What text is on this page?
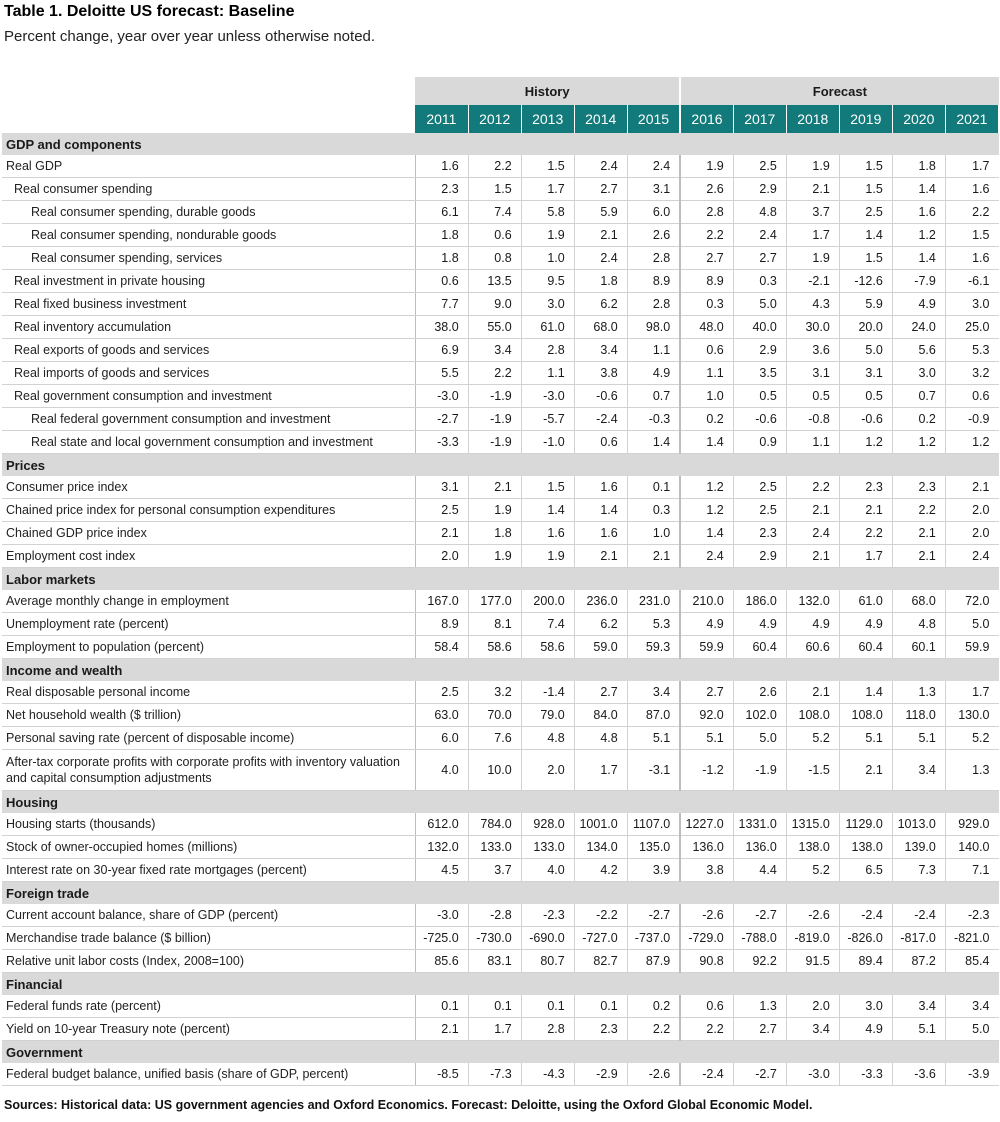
Table 1. Deloitte US forecast: Baseline
Percent change, year over year unless otherwise noted.
	History					Forecast					
	2011	2012	2013	2014	2015	2016	2017	2018	2019	2020	2021
GDP and components											
Real GDP	1.6	2.2	1.5	2.4	2.4	1.9	2.5	1.9	1.5	1.8	1.7
Real consumer spending	2.3	1.5	1.7	2.7	3.1	2.6	2.9	2.1	1.5	1.4	1.6
Real consumer spending, durable goods	6.1	7.4	5.8	5.9	6.0	2.8	4.8	3.7	2.5	1.6	2.2
Real consumer spending, nondurable goods	1.8	0.6	1.9	2.1	2.6	2.2	2.4	1.7	1.4	1.2	1.5
Real consumer spending, services	1.8	0.8	1.0	2.4	2.8	2.7	2.7	1.9	1.5	1.4	1.6
Real investment in private housing	0.6	13.5	9.5	1.8	8.9	8.9	0.3	-2.1	-12.6	-7.9	-6.1
Real fixed business investment	7.7	9.0	3.0	6.2	2.8	0.3	5.0	4.3	5.9	4.9	3.0
Real inventory accumulation	38.0	55.0	61.0	68.0	98.0	48.0	40.0	30.0	20.0	24.0	25.0
Real exports of goods and services	6.9	3.4	2.8	3.4	1.1	0.6	2.9	3.6	5.0	5.6	5.3
Real imports of goods and services	5.5	2.2	1.1	3.8	4.9	1.1	3.5	3.1	3.1	3.0	3.2
Real government consumption and investment	-3.0	-1.9	-3.0	-0.6	0.7	1.0	0.5	0.5	0.5	0.7	0.6
Real federal government consumption and investment	-2.7	-1.9	-5.7	-2.4	-0.3	0.2	-0.6	-0.8	-0.6	0.2	-0.9
Real state and local government consumption and investment	-3.3	-1.9	-1.0	0.6	1.4	1.4	0.9	1.1	1.2	1.2	1.2
Prices											
Consumer price index	3.1	2.1	1.5	1.6	0.1	1.2	2.5	2.2	2.3	2.3	2.1
Chained price index for personal consumption expenditures	2.5	1.9	1.4	1.4	0.3	1.2	2.5	2.1	2.1	2.2	2.0
Chained GDP price index	2.1	1.8	1.6	1.6	1.0	1.4	2.3	2.4	2.2	2.1	2.0
Employment cost index	2.0	1.9	1.9	2.1	2.1	2.4	2.9	2.1	1.7	2.1	2.4
Labor markets											
Average monthly change in employment	167.0	177.0	200.0	236.0	231.0	210.0	186.0	132.0	61.0	68.0	72.0
Unemployment rate (percent)	8.9	8.1	7.4	6.2	5.3	4.9	4.9	4.9	4.9	4.8	5.0
Employment to population (percent)	58.4	58.6	58.6	59.0	59.3	59.9	60.4	60.6	60.4	60.1	59.9
Income and wealth											
Real disposable personal income	2.5	3.2	-1.4	2.7	3.4	2.7	2.6	2.1	1.4	1.3	1.7
Net household wealth ($ trillion)	63.0	70.0	79.0	84.0	87.0	92.0	102.0	108.0	108.0	118.0	130.0
Personal saving rate (percent of disposable income)	6.0	7.6	4.8	4.8	5.1	5.1	5.0	5.2	5.1	5.1	5.2
After-tax corporate profits with corporate profits with inventory valuation and capital consumption adjustments	4.0	10.0	2.0	1.7	-3.1	-1.2	-1.9	-1.5	2.1	3.4	1.3
Housing											
Housing starts (thousands)	612.0	784.0	928.0	1001.0	1107.0	1227.0	1331.0	1315.0	1129.0	1013.0	929.0
Stock of owner-occupied homes (millions)	132.0	133.0	133.0	134.0	135.0	136.0	136.0	138.0	138.0	139.0	140.0
Interest rate on 30-year fixed rate mortgages (percent)	4.5	3.7	4.0	4.2	3.9	3.8	4.4	5.2	6.5	7.3	7.1
Foreign trade											
Current account balance, share of GDP (percent)	-3.0	-2.8	-2.3	-2.2	-2.7	-2.6	-2.7	-2.6	-2.4	-2.4	-2.3
Merchandise trade balance ($ billion)	-725.0	-730.0	-690.0	-727.0	-737.0	-729.0	-788.0	-819.0	-826.0	-817.0	-821.0
Relative unit labor costs (Index, 2008=100)	85.6	83.1	80.7	82.7	87.9	90.8	92.2	91.5	89.4	87.2	85.4
Financial											
Federal funds rate (percent)	0.1	0.1	0.1	0.1	0.2	0.6	1.3	2.0	3.0	3.4	3.4
Yield on 10-year Treasury note (percent)	2.1	1.7	2.8	2.3	2.2	2.2	2.7	3.4	4.9	5.1	5.0
Government											
Federal budget balance, unified basis (share of GDP, percent)	-8.5	-7.3	-4.3	-2.9	-2.6	-2.4	-2.7	-3.0	-3.3	-3.6	-3.9
Sources: Historical data: US government agencies and Oxford Economics. Forecast: Deloitte, using the Oxford Global Economic Model.
